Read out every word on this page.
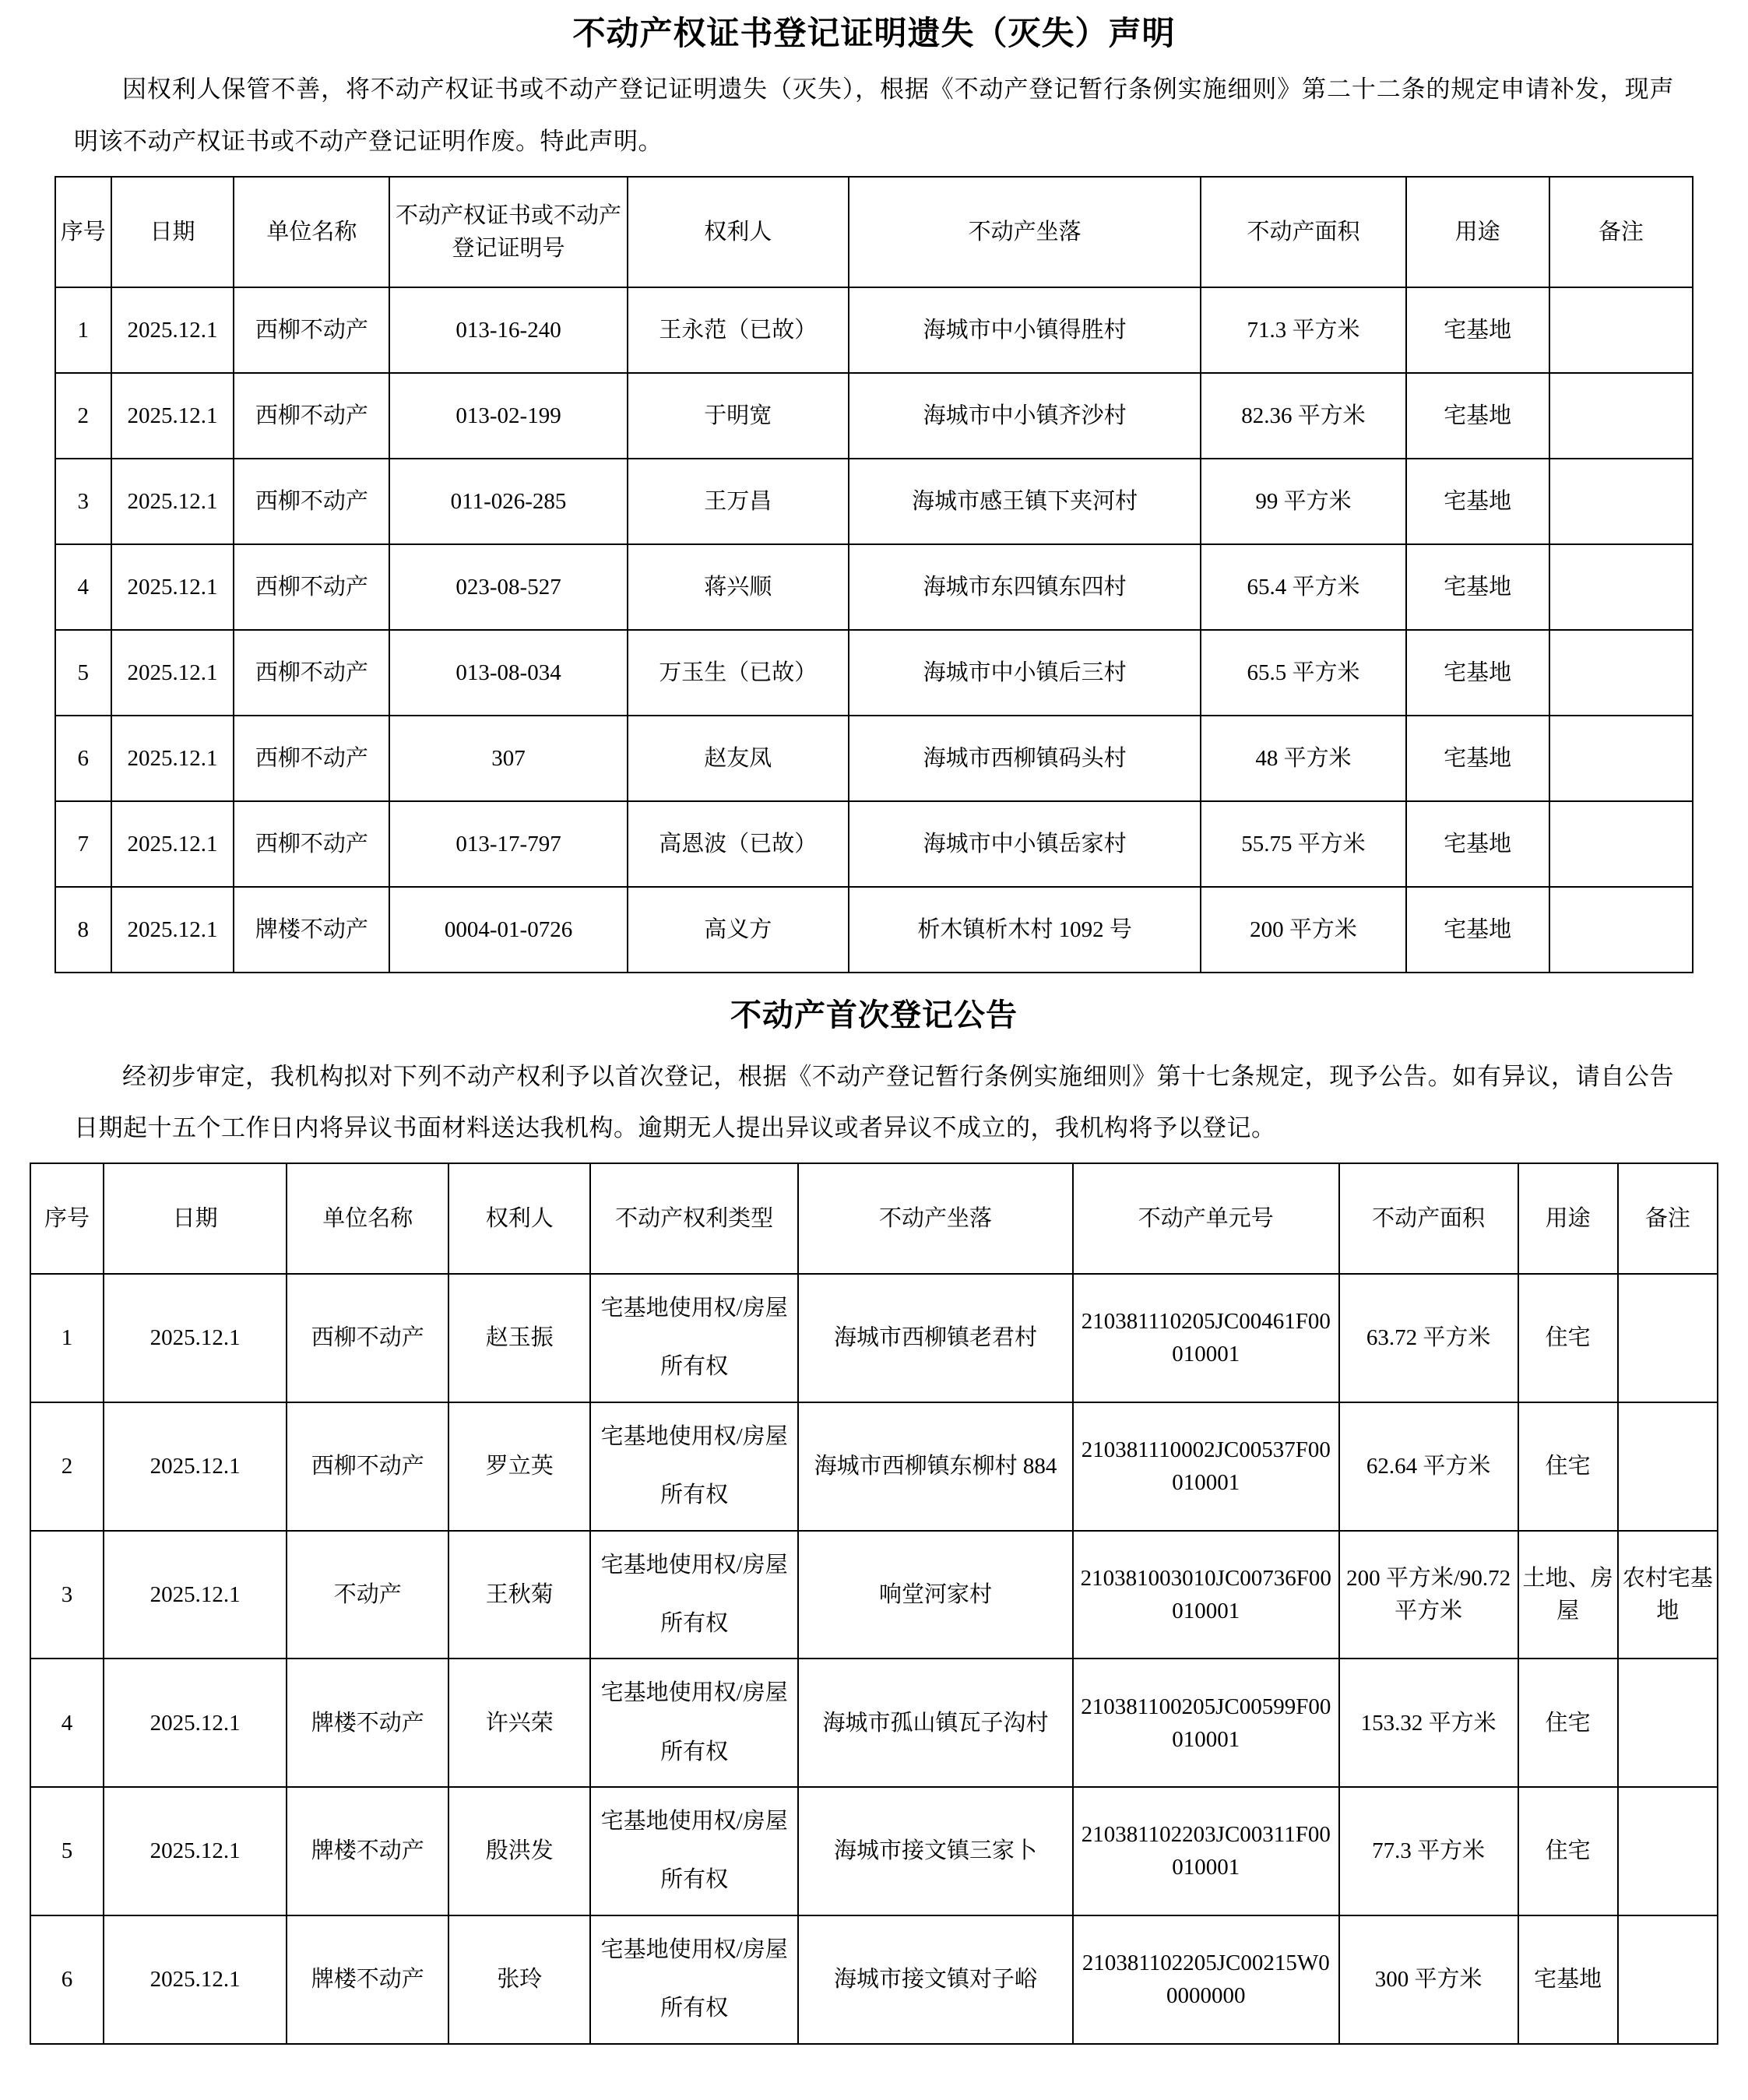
不动产权证书登记证明遗失（灭失）声明
因权利人保管不善，将不动产权证书或不动产登记证明遗失（灭失），根据《不动产登记暂行条例实施细则》第二十二条的规定申请补发，现声明该不动产权证书或不动产登记证明作废。特此声明。
序号	日期	单位名称	不动产权证书或不动产登记证明号	权利人	不动产坐落	不动产面积	用途	备注
1	2025.12.1	西柳不动产	013-16-240	王永范（已故）	海城市中小镇得胜村	71.3 平方米	宅基地	
2	2025.12.1	西柳不动产	013-02-199	于明宽	海城市中小镇齐沙村	82.36 平方米	宅基地	
3	2025.12.1	西柳不动产	011-026-285	王万昌	海城市感王镇下夹河村	99 平方米	宅基地	
4	2025.12.1	西柳不动产	023-08-527	蒋兴顺	海城市东四镇东四村	65.4 平方米	宅基地	
5	2025.12.1	西柳不动产	013-08-034	万玉生（已故）	海城市中小镇后三村	65.5 平方米	宅基地	
6	2025.12.1	西柳不动产	307	赵友凤	海城市西柳镇码头村	48 平方米	宅基地	
7	2025.12.1	西柳不动产	013-17-797	高恩波（已故）	海城市中小镇岳家村	55.75 平方米	宅基地	
8	2025.12.1	牌楼不动产	0004-01-0726	高义方	析木镇析木村 1092 号	200 平方米	宅基地	
不动产首次登记公告
经初步审定，我机构拟对下列不动产权利予以首次登记，根据《不动产登记暂行条例实施细则》第十七条规定，现予公告。如有异议，请自公告日期起十五个工作日内将异议书面材料送达我机构。逾期无人提出异议或者异议不成立的，我机构将予以登记。
序号	日期	单位名称	权利人	不动产权利类型	不动产坐落	不动产单元号	不动产面积	用途	备注
1	2025.12.1	西柳不动产	赵玉振	宅基地使用权/房屋所有权	海城市西柳镇老君村	210381110205JC00461F00010001	63.72 平方米	住宅	
2	2025.12.1	西柳不动产	罗立英	宅基地使用权/房屋所有权	海城市西柳镇东柳村 884	210381110002JC00537F00010001	62.64 平方米	住宅	
3	2025.12.1	不动产	王秋菊	宅基地使用权/房屋所有权	响堂河家村	210381003010JC00736F00010001	200 平方米/90.72 平方米	土地、房屋	农村宅基地
4	2025.12.1	牌楼不动产	许兴荣	宅基地使用权/房屋所有权	海城市孤山镇瓦子沟村	210381100205JC00599F00010001	153.32 平方米	住宅	
5	2025.12.1	牌楼不动产	殷洪发	宅基地使用权/房屋所有权	海城市接文镇三家卜	210381102203JC00311F00010001	77.3 平方米	住宅	
6	2025.12.1	牌楼不动产	张玲	宅基地使用权/房屋所有权	海城市接文镇对子峪	210381102205JC00215W00000000	300 平方米	宅基地	
